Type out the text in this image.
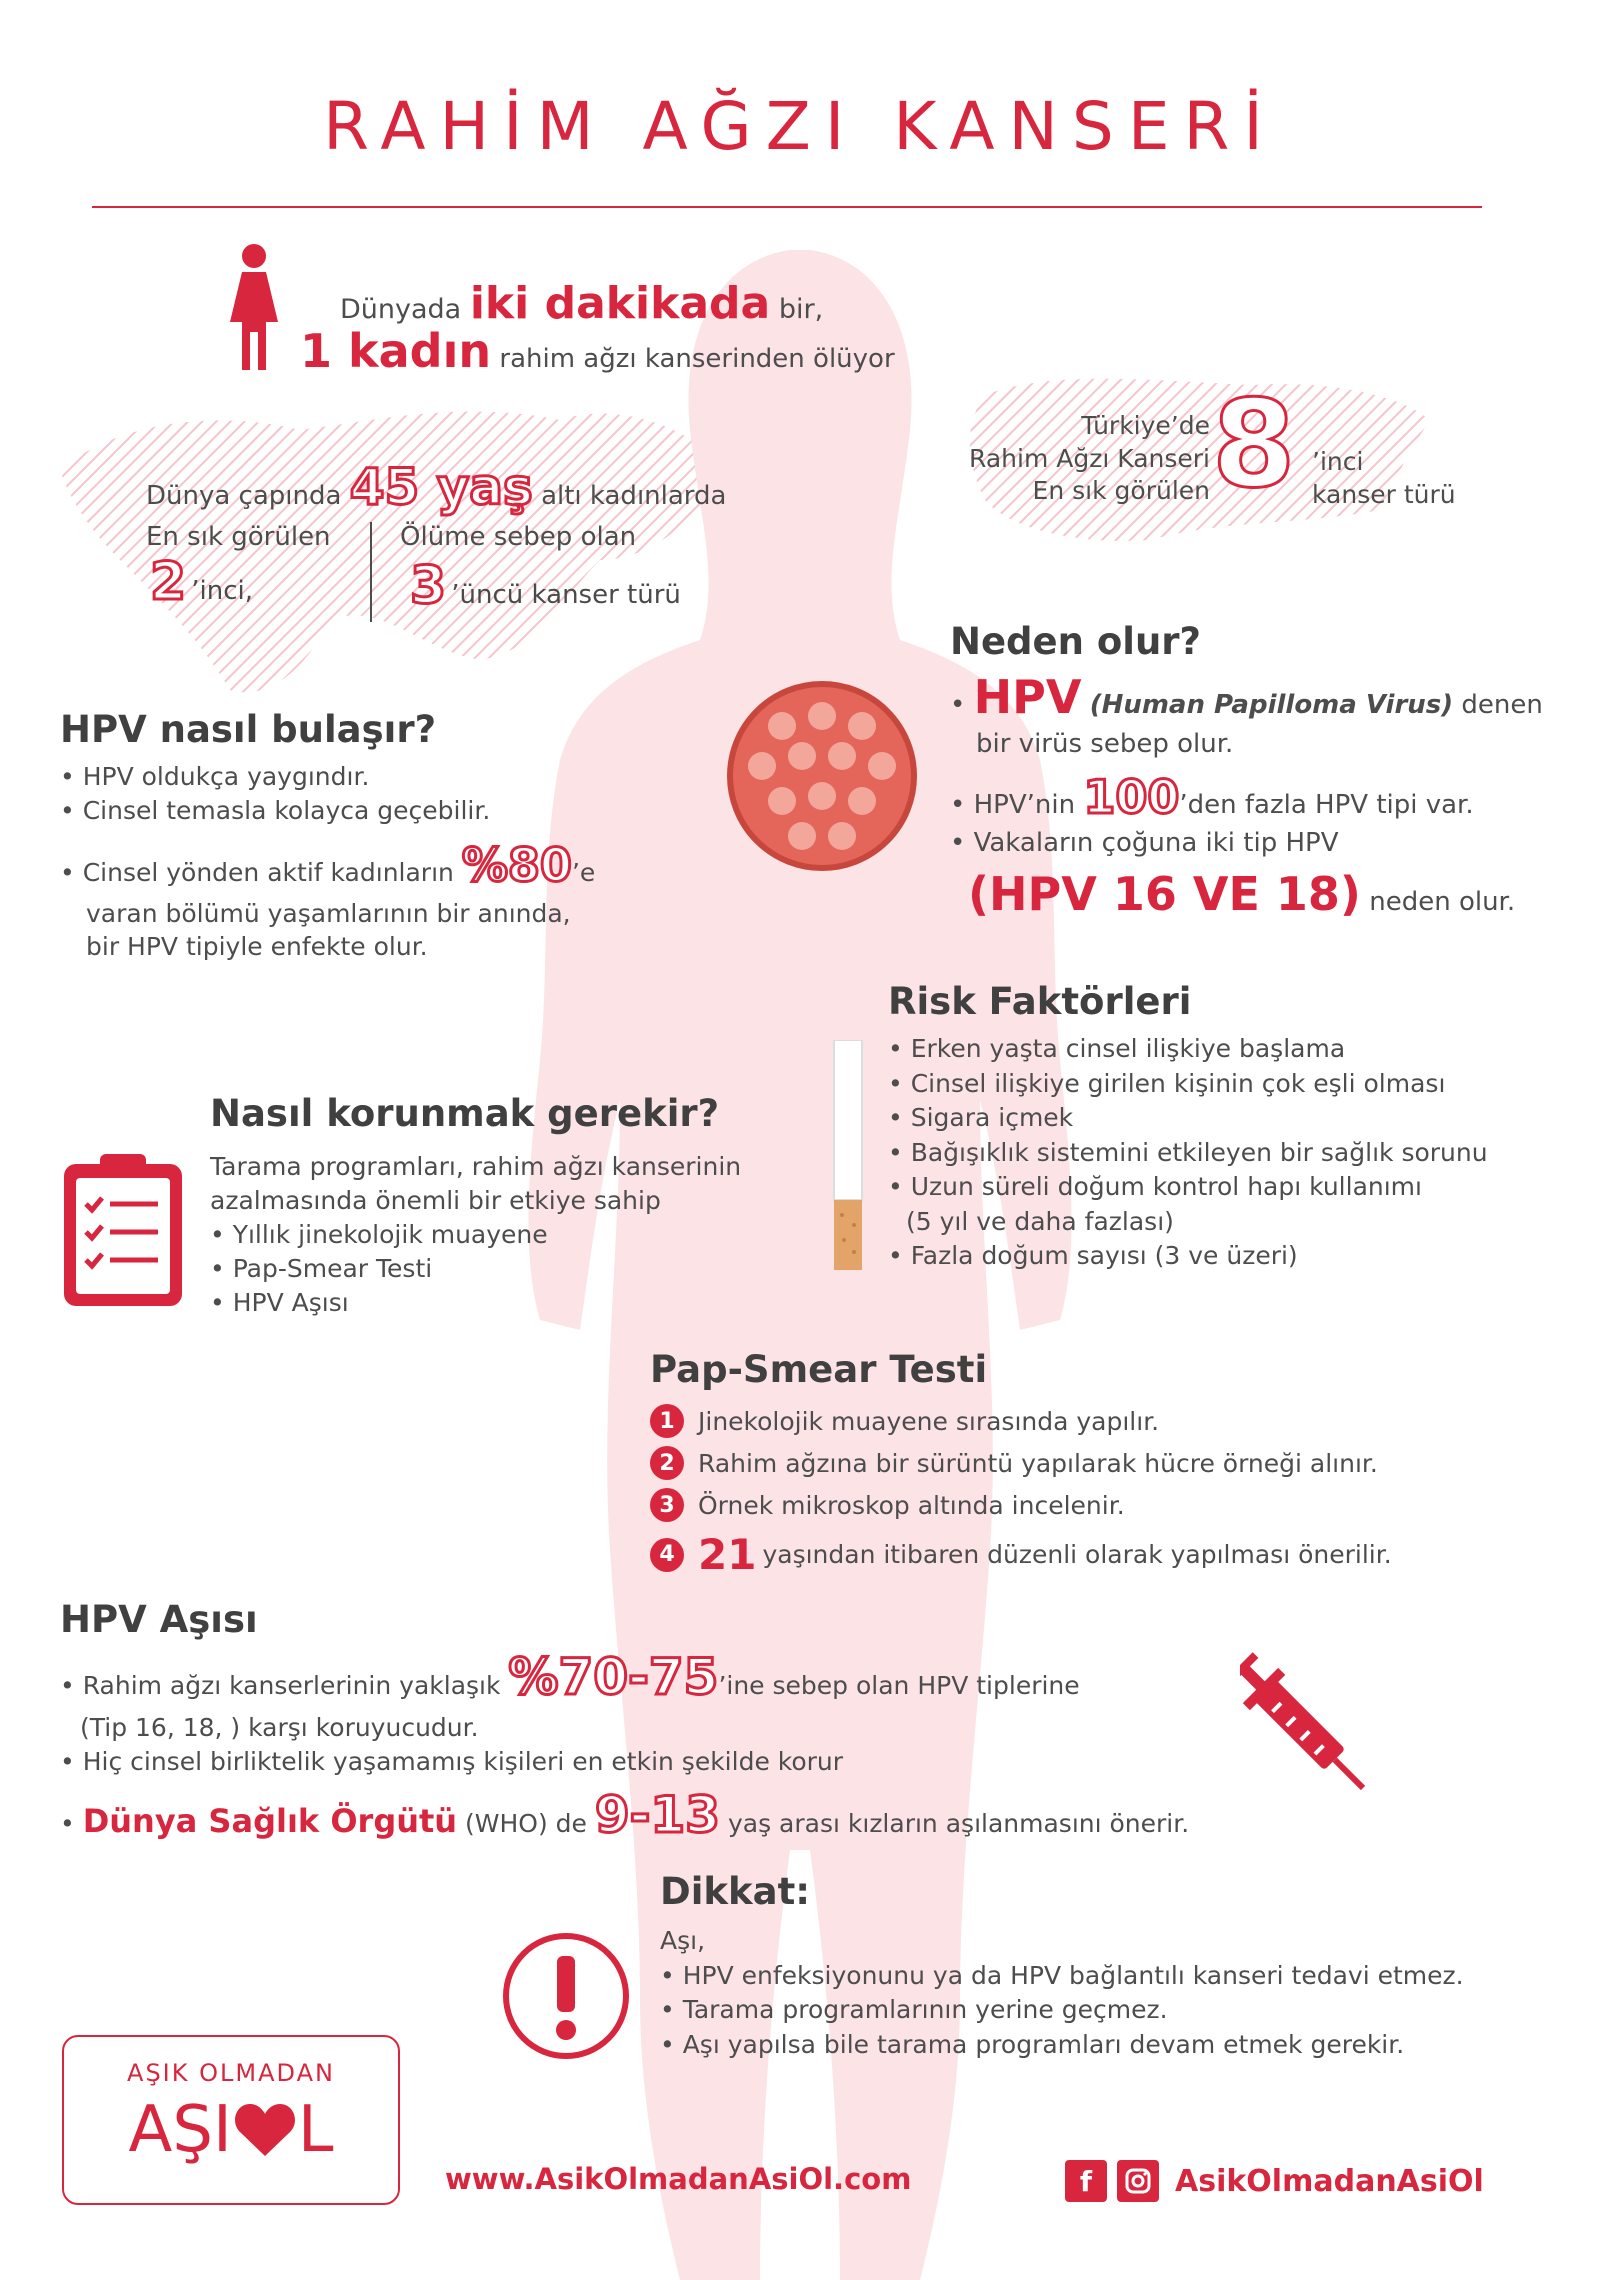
RAHİM AĞZI KANSERİ
Dünyada iki dakikada bir,
1 kadın rahim ağzı kanserinden ölüyor
Dünya çapında 45 yaş altı kadınlarda
En sık görülen
2 ’inci,
Ölüme sebep olan
3 ’üncü kanser türü
Türkiye’de
Rahim Ağzı Kanseri
En sık görülen 8 ’inci
kanser türü
Neden olur?
• HPV (Human Papilloma Virus) denen
bir virüs sebep olur.
• HPV’nin 100’den fazla HPV tipi var.
• Vakaların çoğuna iki tip HPV
(HPV 16 VE 18) neden olur.
HPV nasıl bulaşır?
• HPV oldukça yaygındır.
• Cinsel temasla kolayca geçebilir.
• Cinsel yönden aktif kadınların %80’e
varan bölümü yaşamlarının bir anında,
bir HPV tipiyle enfekte olur.
Risk Faktörleri
• Erken yaşta cinsel ilişkiye başlama
• Cinsel ilişkiye girilen kişinin çok eşli olması
• Sigara içmek
• Bağışıklık sistemini etkileyen bir sağlık sorunu
• Uzun süreli doğum kontrol hapı kullanımı
(5 yıl ve daha fazlası)
• Fazla doğum sayısı (3 ve üzeri)
Nasıl korunmak gerekir?
Tarama programları, rahim ağzı kanserinin
azalmasında önemli bir etkiye sahip
• Yıllık jinekolojik muayene
• Pap-Smear Testi
• HPV Aşısı
Pap-Smear Testi
1 Jinekolojik muayene sırasında yapılır.
2 Rahim ağzına bir sürüntü yapılarak hücre örneği alınır.
3 Örnek mikroskop altında incelenir.
4 21 yaşından itibaren düzenli olarak yapılması önerilir.
HPV Aşısı
• Rahim ağzı kanserlerinin yaklaşık %70-75’ine sebep olan HPV tiplerine
(Tip 16, 18, ) karşı koruyucudur.
• Hiç cinsel birliktelik yaşamamış kişileri en etkin şekilde korur
• Dünya Sağlık Örgütü (WHO) de 9-13 yaş arası kızların aşılanmasını önerir.
Dikkat:
Aşı,
• HPV enfeksiyonunu ya da HPV bağlantılı kanseri tedavi etmez.
• Tarama programlarının yerine geçmez.
• Aşı yapılsa bile tarama programları devam etmek gerekir.
AŞIK OLMADAN
AŞI L
www.AsikOlmadanAsiOl.com	f	AsikOlmadanAsiOl
